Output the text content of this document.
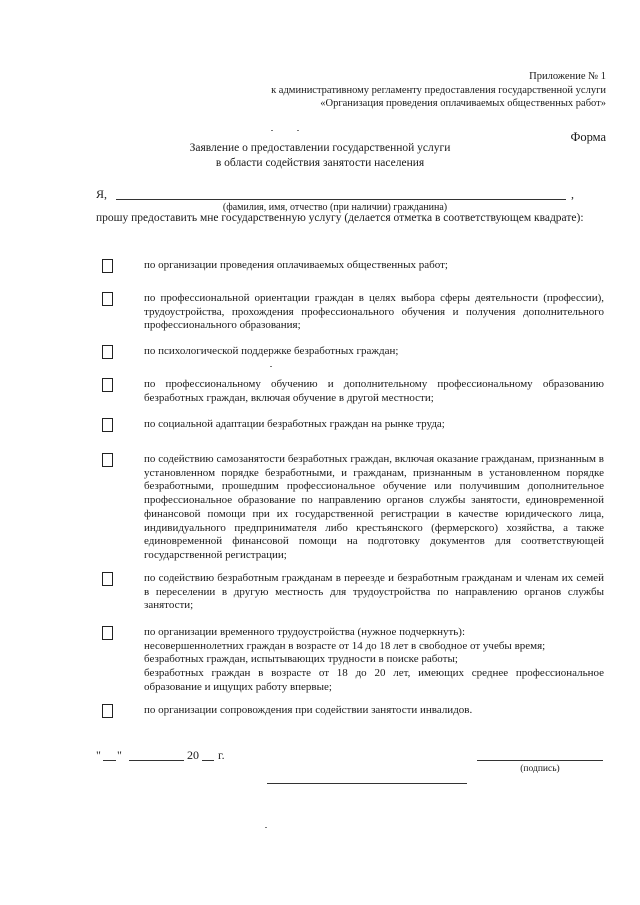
Приложение № 1
к административному регламенту предоставления государственной услуги
«Организация проведения оплачиваемых общественных работ»
Форма
Заявление о предоставлении государственной услуги
в области содействия занятости населения
Я,	,
(фамилия, имя, отчество (при наличии) гражданина)
прошу предоставить мне государственную услугу (делается отметка в соответствующем квадрате):
по организации проведения оплачиваемых общественных работ;
по профессиональной ориентации граждан в целях выбора сферы деятельности (профессии), трудоустройства, прохождения профессионального обучения и получения дополнительного профессионального образования;
по психологической поддержке безработных граждан;
по профессиональному обучению и дополнительному профессиональному образованию безработных граждан, включая обучение в другой местности;
по социальной адаптации безработных граждан на рынке труда;
по содействию самозанятости безработных граждан, включая оказание гражданам, признанным в установленном порядке безработными, и гражданам, признанным в установленном порядке безработными, прошедшим профессиональное обучение или получившим дополнительное профессиональное образование по направлению органов службы занятости, единовременной финансовой помощи при их государственной регистрации в качестве юридического лица, индивидуального предпринимателя либо крестьянского (фермерского) хозяйства, а также единовременной финансовой помощи на подготовку документов для соответствующей государственной регистрации;
по содействию безработным гражданам в переезде и безработным гражданам и членам их семей в переселении в другую местность для трудоустройства по направлению органов службы занятости;
по организации временного трудоустройства (нужное подчеркнуть):
несовершеннолетних граждан в возрасте от 14 до 18 лет в свободное от учебы время;
безработных граждан, испытывающих трудности в поиске работы;
безработных граждан в возрасте от 18 до 20 лет, имеющих среднее профессиональное образование и ищущих работу впервые;
по организации сопровождения при содействии занятости инвалидов.
" "	20 г.
(подпись)
